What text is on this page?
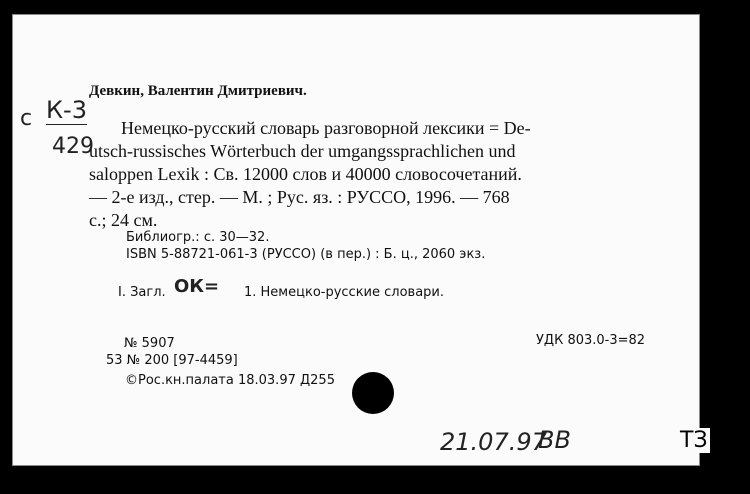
с К-3
429
Девкин, Валентин Дмитриевич.
Немецко-русский словарь разговорной лексики = De-
utsch-russisches Wörterbuch der umgangssprachlichen und
saloppen Lexik : Св. 12000 слов и 40000 словосочетаний.
— 2-е изд., стер. — М. ; Рус. яз. : РУССО, 1996. — 768
с.; 24 см.
Библиогр.: с. 30—32.
ISBN 5-88721-061-3 (РУССО) (в пер.) : Б. ц., 2060 экз.
I. Загл. ОК= 1. Немецко-русские словари.
№ 5907	УДК 803.0-3=82
53 № 200 [97-4459]
©Рос.кн.палата 18.03.97 Д255
21.07.97
ВВ	ТЗ
